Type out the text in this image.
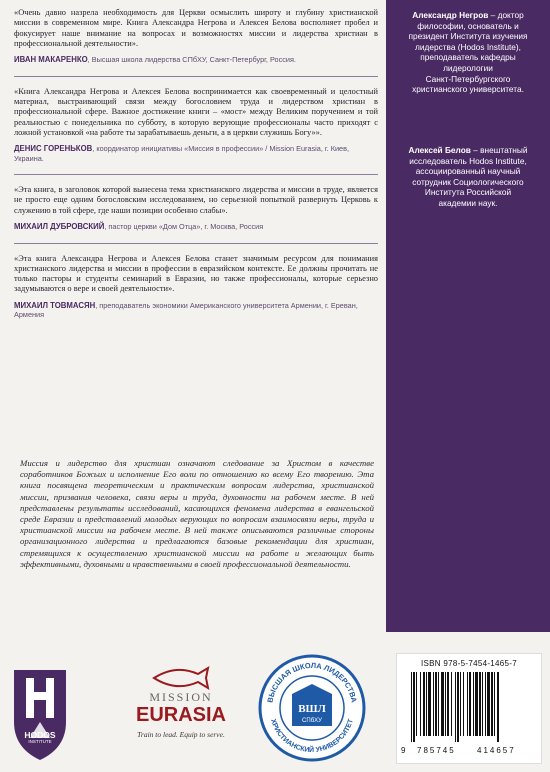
Александр Негров – доктор
философии, основатель и
президент Института изучения
лидерства (Hodos Institute),
преподаватель кафедры
лидерологии
Санкт-Петербургского
христианского университета.
Алексей Белов – внештатный
исследователь Hodos Institute,
ассоциированный научный
сотрудник Социологического
Института Российской
академии наук.

«Очень давно назрела необходимость для Церкви осмыслить широту и глубину христианской миссии в современном мире. Книга Александра Негрова и Алексея Белова восполняет пробел и фокусирует наше внимание на вопросах и возможностях миссии и лидерства христиан в профессиональной деятельности».

ИВАН МАКАРЕНКО, Высшая школа лидерства СПбХУ, Санкт-Петербург, Россия.

«Книга Александра Негрова и Алексея Белова воспринимается как своевременный и целостный материал, выстраивающий связи между богословием труда и лидерством христиан в профессиональной сфере. Важное достижение книги – «мост» между Великим поручением и той реальностью с понедельника по субботу, в которую верующие профессионалы часто приходят с ложной установкой «на работе ты зарабатываешь деньги, а в церкви служишь Богу»».

ДЕНИС ГОРЕНЬКОВ, координатор инициативы «Миссия в профессии» / Mission Eurasia, г. Киев, Украина.

«Эта книга, в заголовок которой вынесена тема христианского лидерства и миссии в труде, является не просто еще одним богословским исследованием, но серьезной попыткой развернуть Церковь к служению в той сфере, где наши позиции особенно слабы».

МИХАИЛ ДУБРОВСКИЙ, пастор церкви «Дом Отца», г. Москва, Россия

«Эта книга Александра Негрова и Алексея Белова станет значимым ресурсом для понимания христианского лидерства и миссии в профессии в евразийском контексте. Ее должны прочитать не только пасторы и студенты семинарий в Евразии, но также профессионалы, которые серьезно задумываются о вере и своей деятельности».

МИХАИЛ ТОВМАСЯН, преподаватель экономики Американского университета Армении, г. Ереван, Армения

Миссия и лидерство для христиан означают следование за Христом в качестве соработников Божьих и исполнение Его воли по отношению ко всему Его творению. Эта книга посвящена теоретическим и практическим вопросам лидерства, христианской миссии, призвания человека, связи веры и труда, духовности на рабочем месте. В ней представлены результаты исследований, касающихся феномена лидерства в евангельской среде Евразии и представлений молодых верующих по вопросам взаимосвязи веры, труда и христианской миссии на рабочем месте. В ней также описываются различные стороны организационного лидерства и предлагаются базовые рекомендации для христиан, стремящихся к осуществлению христианской миссии на работе и желающих быть эффективными, духовными и нравственными в своей профессиональной деятельности.

HODOS
INSTITUTE
MISSION
EURASIA
Train to lead. Equip to serve.
ВЫСШАЯ ШКОЛА ЛИДЕРСТВА
ХРИСТИАНСКИЙ УНИВЕРСИТЕТ
ВШЛ
СПбХУ
ISBN 978-5-7454-1465-7
9 785745	414657
